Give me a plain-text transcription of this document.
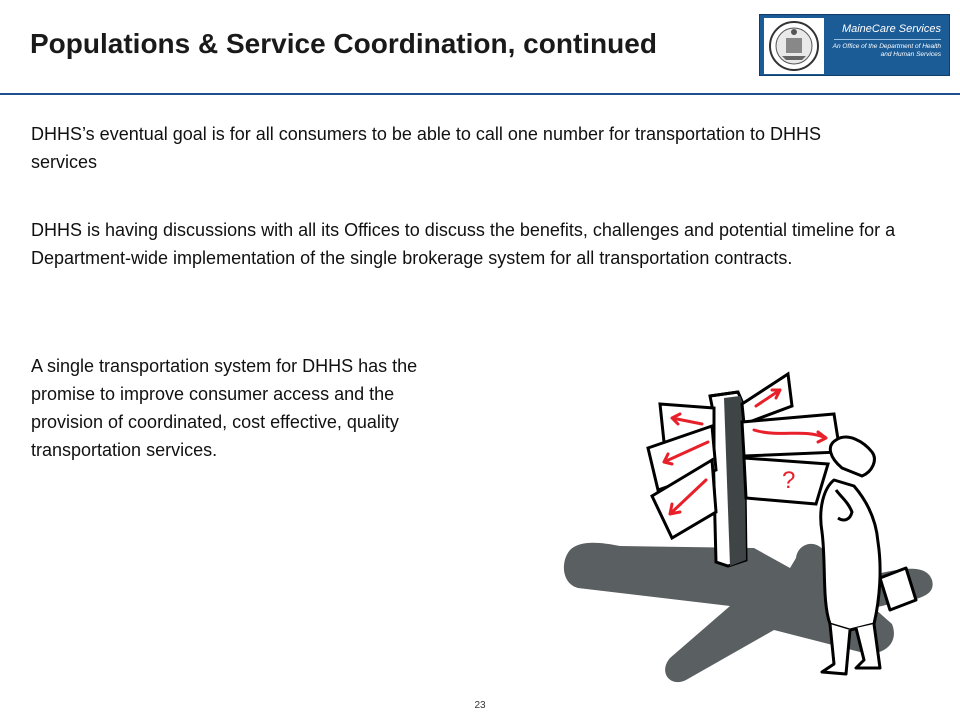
Populations & Service Coordination, continued	MaineCare Services
An Office of the Department of Health and Human Services

DHHS’s eventual goal is for all consumers to be able to call one number for transportation to DHHS services

DHHS is having discussions with all its Offices to discuss the benefits, challenges and potential timeline for a Department-wide implementation of the single brokerage system for all transportation contracts.

A single transportation system for DHHS has the promise to improve consumer access and the provision of coordinated, cost effective, quality transportation services.

?
23
